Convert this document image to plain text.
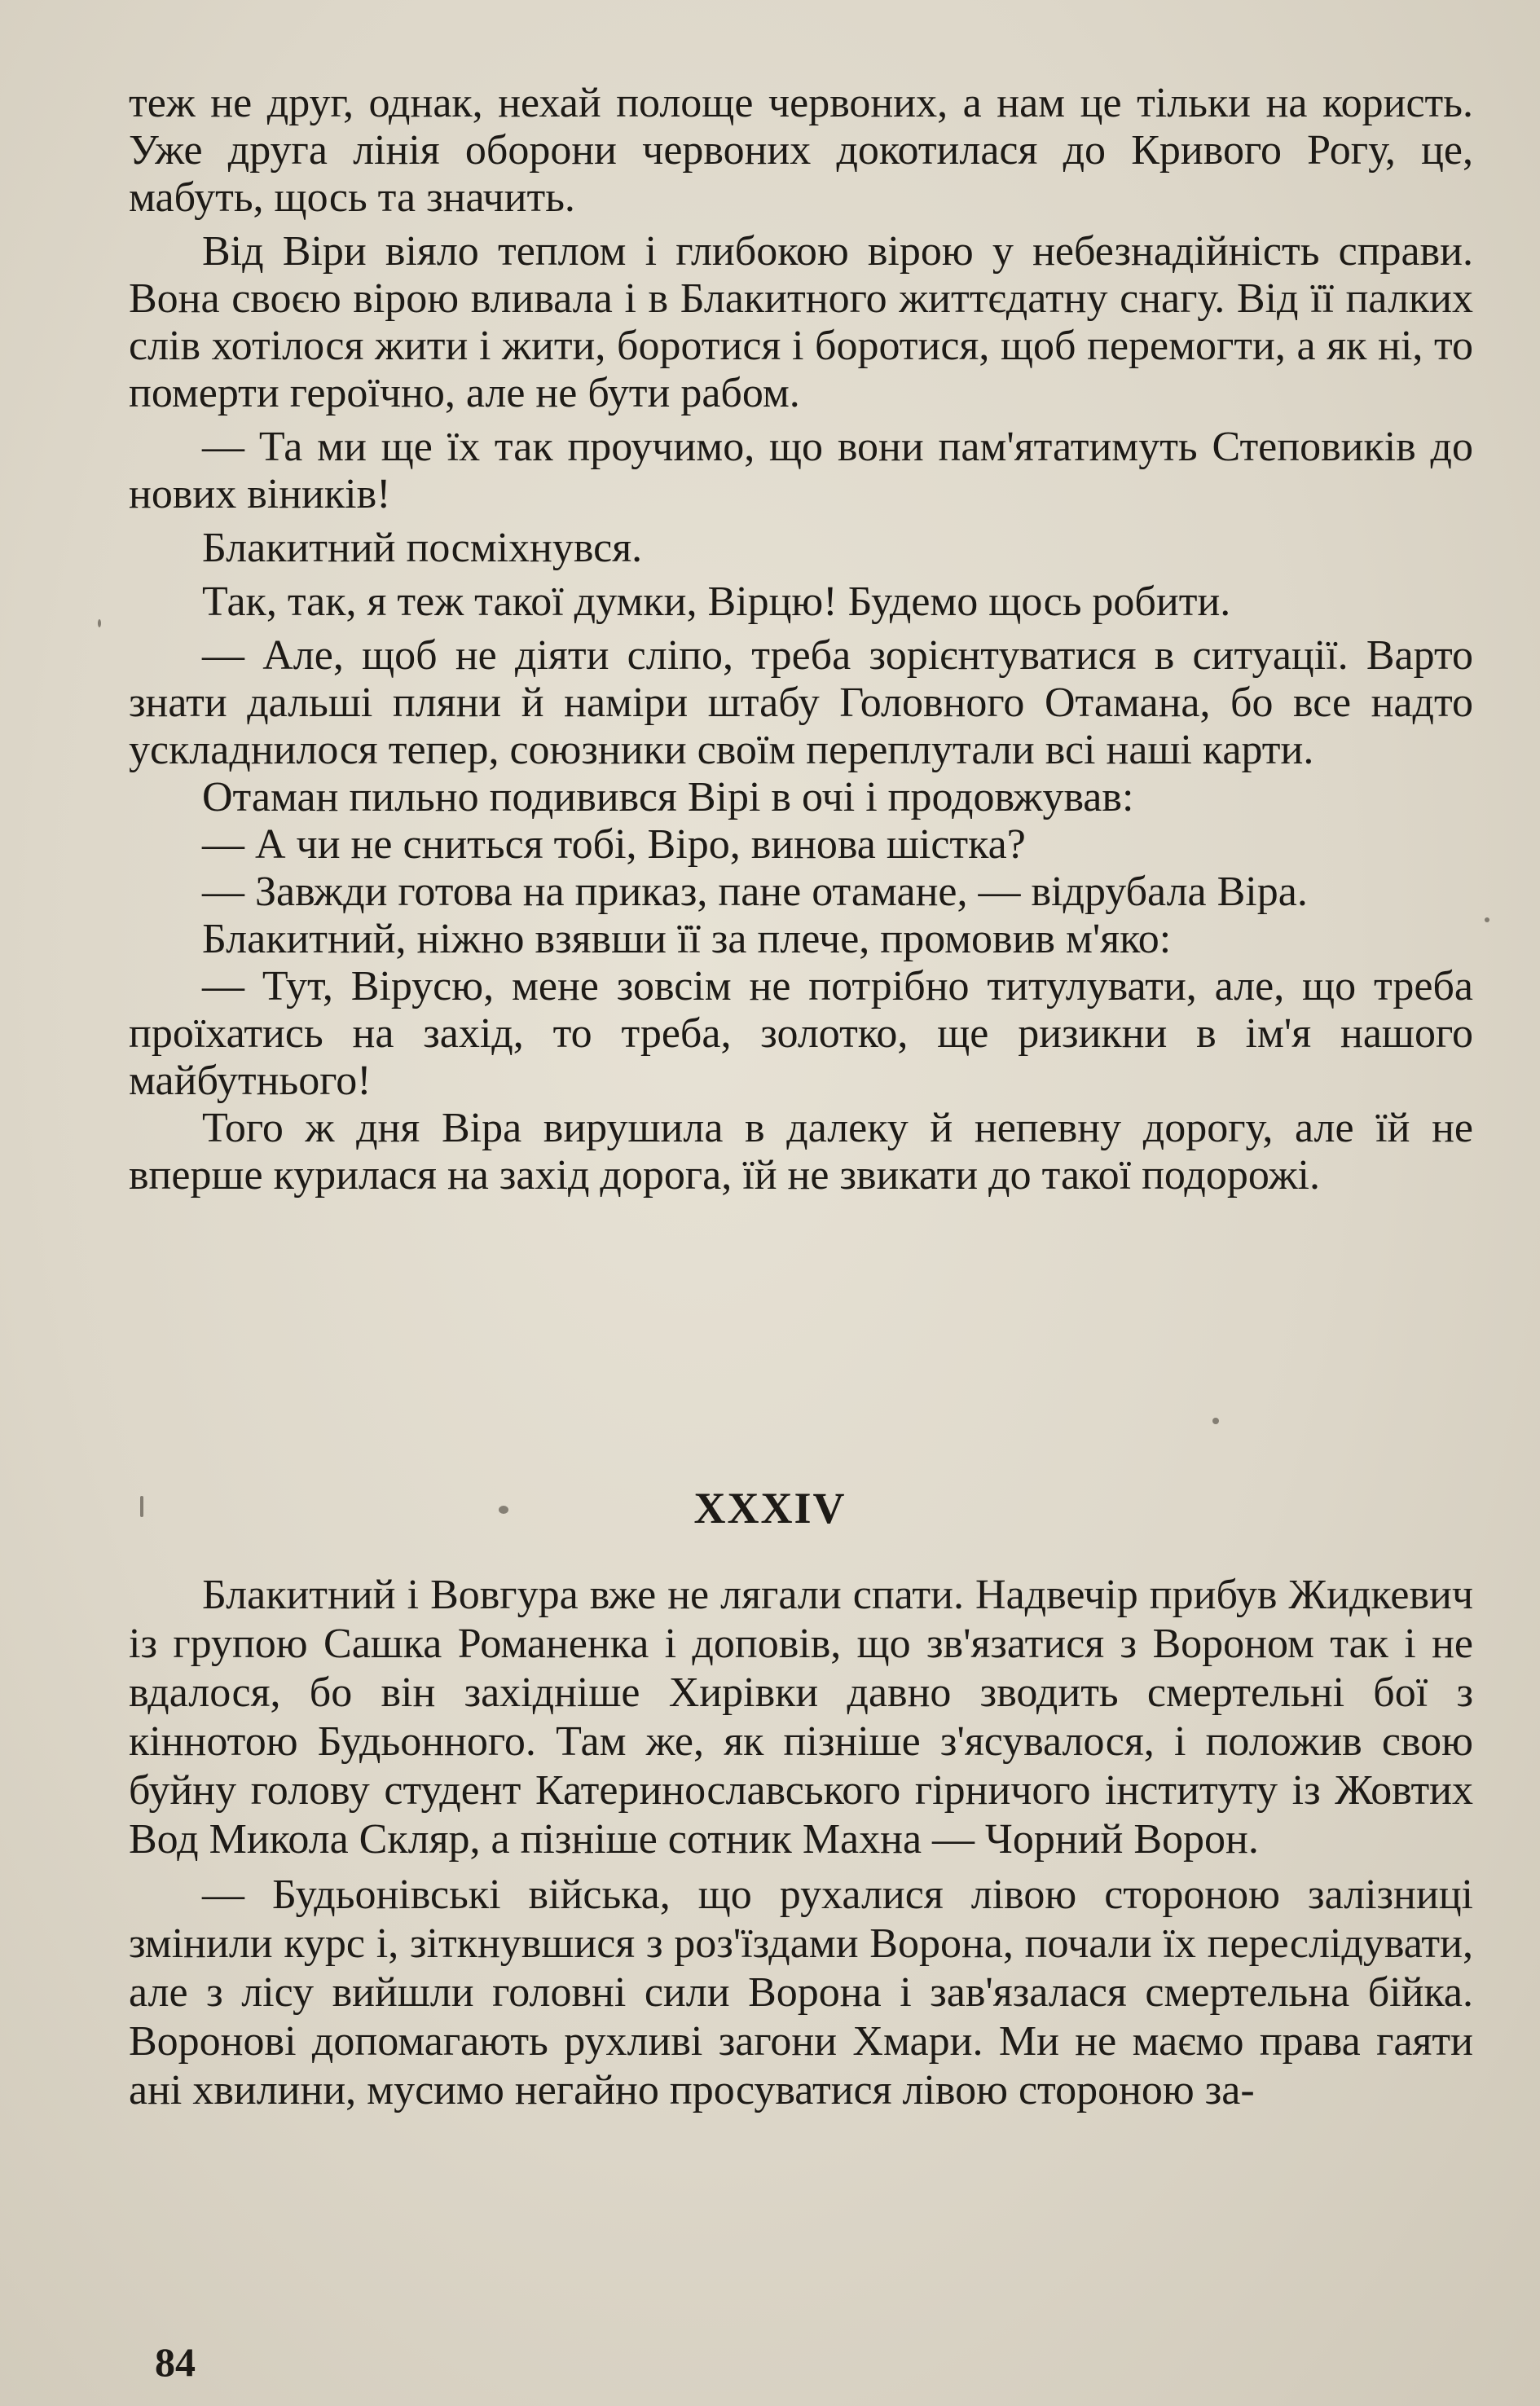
теж не друг, однак, нехай полоще червоних, а нам це тільки на користь. Уже друга лінія оборони червоних докотилася до Кривого Рогу, це, мабуть, щось та значить.

Від Віри віяло теплом і глибокою вірою у небезнадійність справи. Вона своєю вірою вливала і в Блакитного життєдатну снагу. Від її палких слів хотілося жити і жити, боротися і боротися, щоб перемогти, а як ні, то померти героїчно, але не бути рабом.

— Та ми ще їх так проучимо, що вони пам'ятатимуть Степовиків до нових віників!

Блакитний посміхнувся.

Так, так, я теж такої думки, Вірцю! Будемо щось робити.

— Але, щоб не діяти сліпо, треба зорієнтуватися в ситуації. Варто знати дальші пляни й наміри штабу Головного Отамана, бо все надто ускладнилося тепер, союзники своїм переплутали всі наші карти.

Отаман пильно подивився Вірі в очі і продовжував:

— А чи не сниться тобі, Віро, винова шістка?

— Завжди готова на приказ, пане отамане, — відрубала Віра.

Блакитний, ніжно взявши її за плече, промовив м'яко:

— Тут, Вірусю, мене зовсім не потрібно титулувати, але, що треба проїхатись на захід, то треба, золотко, ще ризикни в ім'я нашого майбутнього!

Того ж дня Віра вирушила в далеку й непевну дорогу, але їй не вперше курилася на захід дорога, їй не звикати до такої подорожі.

XXXIV

Блакитний і Вовгура вже не лягали спати. Надвечір прибув Жидкевич із групою Сашка Романенка і доповів, що зв'язатися з Вороном так і не вдалося, бо він західніше Хирівки давно зводить смертельні бої з кіннотою Будьонного. Там же, як пізніше з'ясувалося, і положив свою буйну голову студент Катеринославського гірничого інституту із Жовтих Вод Микола Скляр, а пізніше сотник Махна — Чорний Ворон.

— Будьонівські війська, що рухалися лівою стороною залізниці змінили курс і, зіткнувшися з роз'їздами Ворона, почали їх переслідувати, але з лісу вийшли головні сили Ворона і зав'язалася смертельна бійка. Воронові допомагають рухливі загони Хмари. Ми не маємо права гаяти ані хвилини, мусимо негайно просуватися лівою стороною за-

84
